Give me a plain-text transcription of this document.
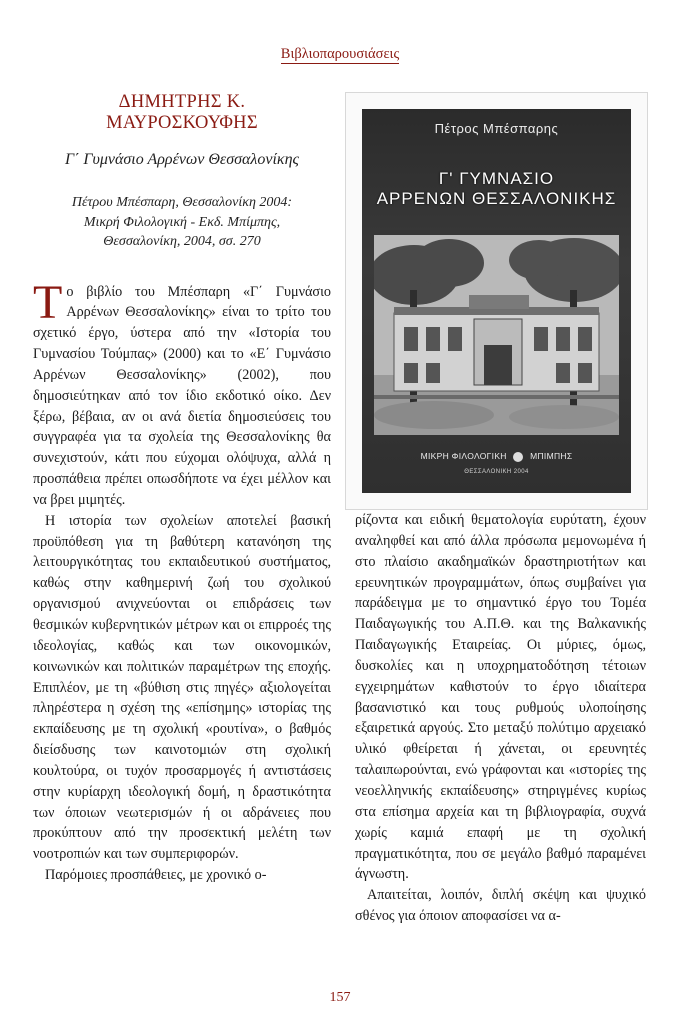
Βιβλιοπαρουσιάσεις
ΔΗΜΗΤΡΗΣ Κ.
ΜΑΥΡΟΣΚΟΥΦΗΣ
Γ΄ Γυμνάσιο Αρρένων Θεσσαλονίκης
Πέτρου Μπέσπαρη, Θεσσαλονίκη 2004:
Μικρή Φιλολογική - Εκδ. Μπίμπης,
Θεσσαλονίκη, 2004, σσ. 270

Το βιβλίο του Μπέσπαρη «Γ΄ Γυμνάσιο Αρρένων Θεσσαλονίκης» είναι το τρίτο του σχετικό έργο, ύστερα από την «Ιστορία του Γυμνασίου Τούμπας» (2000) και το «Ε΄ Γυμνάσιο Αρρένων Θεσσαλονίκης» (2002), που δημοσιεύτηκαν από τον ίδιο εκδοτικό οίκο. Δεν ξέρω, βέβαια, αν οι ανά διετία δημοσιεύσεις του συγγραφέα για τα σχολεία της Θεσσαλονίκης θα συνεχιστούν, κάτι που εύχομαι ολόψυχα, αλλά η προσπάθεια πρέπει οπωσδήποτε να έχει μέλλον και να βρει μιμητές.

Η ιστορία των σχολείων αποτελεί βασική προϋπόθεση για τη βαθύτερη κατανόηση της λειτουργικότητας του εκπαιδευτικού συστήματος, καθώς στην καθημερινή ζωή του σχολικού οργανισμού ανιχνεύονται οι επιδράσεις των θεσμικών κυβερνητικών μέτρων και οι επιρροές της ιδεολογίας, καθώς και των οικονομικών, κοινωνικών και πολιτικών παραμέτρων της εποχής. Επιπλέον, με τη «βύθιση στις πηγές» αξιολογείται πληρέστερα η σχέση της «επίσημης» ιστορίας της εκπαίδευσης με τη σχολική «ρουτίνα», ο βαθμός διείσδυσης των καινοτομιών στη σχολική κουλτούρα, οι τυχόν προσαρμογές ή αντιστάσεις στην κυρίαρχη ιδεολογική δομή, η δραστικότητα των όποιων νεωτερισμών ή οι αδράνειες που προκύπτουν από την προσεκτική μελέτη των νοοτροπιών και των συμπεριφορών.

Παρόμοιες προσπάθειες, με χρονικό ο-

Πέτρος Μπέσπαρης
Γ' ΓΥΜΝΑΣΙΟ
ΑΡΡΕΝΩΝ ΘΕΣΣΑΛΟΝΙΚΗΣ
ΜΙΚΡΗ ΦΙΛΟΛΟΓΙΚΗ	ΜΠΙΜΠΗΣ
ΘΕΣΣΑΛΟΝΙΚΗ 2004

ρίζοντα και ειδική θεματολογία ευρύτατη, έχουν αναληφθεί και από άλλα πρόσωπα μεμονωμένα ή στο πλαίσιο ακαδημαϊκών δραστηριοτήτων και ερευνητικών προγραμμάτων, όπως συμβαίνει για παράδειγμα με το σημαντικό έργο του Τομέα Παιδαγωγικής του Α.Π.Θ. και της Βαλκανικής Παιδαγωγικής Εταιρείας. Οι μύριες, όμως, δυσκολίες και η υποχρηματοδότηση τέτοιων εγχειρημάτων καθιστούν το έργο ιδιαίτερα βασανιστικό και τους ρυθμούς υλοποίησης εξαιρετικά αργούς. Στο μεταξύ πολύτιμο αρχειακό υλικό φθείρεται ή χάνεται, οι ερευνητές ταλαιπωρούνται, ενώ γράφονται και «ιστορίες της νεοελληνικής εκπαίδευσης» στηριγμένες κυρίως στα επίσημα αρχεία και τη βιβλιογραφία, συχνά χωρίς καμιά επαφή με τη σχολική πραγματικότητα, που σε μεγάλο βαθμό παραμένει άγνωστη.

Απαιτείται, λοιπόν, διπλή σκέψη και ψυχικό σθένος για όποιον αποφασίσει να α-

157
